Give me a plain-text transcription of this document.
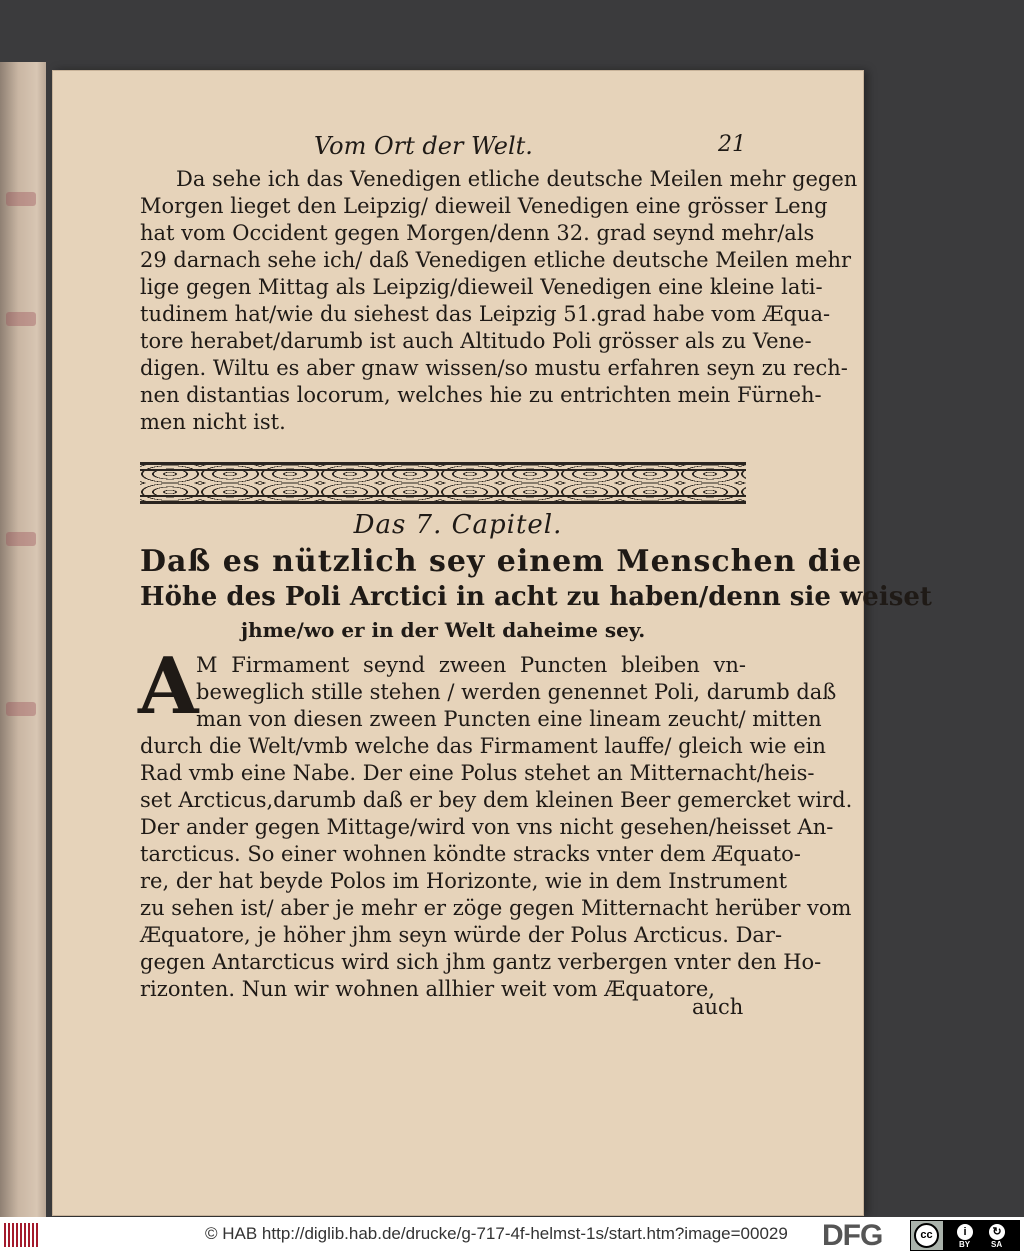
Vom Ort der Welt.	21
Da sehe ich das Venedigen etliche deutsche Meilen mehr gegen
Morgen lieget den Leipzig/ dieweil Venedigen eine grösser Leng
hat vom Occident gegen Morgen/denn 32. grad seynd mehr/als
29 darnach sehe ich/ daß Venedigen etliche deutsche Meilen mehr
lige gegen Mittag als Leipzig/dieweil Venedigen eine kleine lati-
tudinem hat/wie du siehest das Leipzig 51.grad habe vom Æqua-
tore herabet/darumb ist auch Altitudo Poli grösser als zu Vene-
digen. Wiltu es aber gnaw wissen/so mustu erfahren seyn zu rech-
nen distantias locorum, welches hie zu entrichten mein Fürneh-
men nicht ist.
Das 7. Capitel.
Daß es nützlich sey einem Menschen die
Höhe des Poli Arctici in acht zu haben/denn sie weiset
jhme/wo er in der Welt daheime sey.
A
M Firmament seynd zween Puncten bleiben vn-
beweglich stille stehen / werden genennet Poli, darumb daß
man von diesen zween Puncten eine lineam zeucht/ mitten
durch die Welt/vmb welche das Firmament lauffe/ gleich wie ein
Rad vmb eine Nabe. Der eine Polus stehet an Mitternacht/heis-
set Arcticus,darumb daß er bey dem kleinen Beer gemercket wird.
Der ander gegen Mittage/wird von vns nicht gesehen/heisset An-
tarcticus. So einer wohnen köndte stracks vnter dem Æquato-
re, der hat beyde Polos im Horizonte, wie in dem Instrument
zu sehen ist/ aber je mehr er zöge gegen Mitternacht herüber vom
Æquatore, je höher jhm seyn würde der Polus Arcticus. Dar-
gegen Antarcticus wird sich jhm gantz verbergen vnter den Ho-
rizonten. Nun wir wohnen allhier weit vom Æquatore,
auch
© HAB http://diglib.hab.de/drucke/g-717-4f-helmst-1s/start.htm?image=00029 DFG	cc	i	↻
BY	SA
